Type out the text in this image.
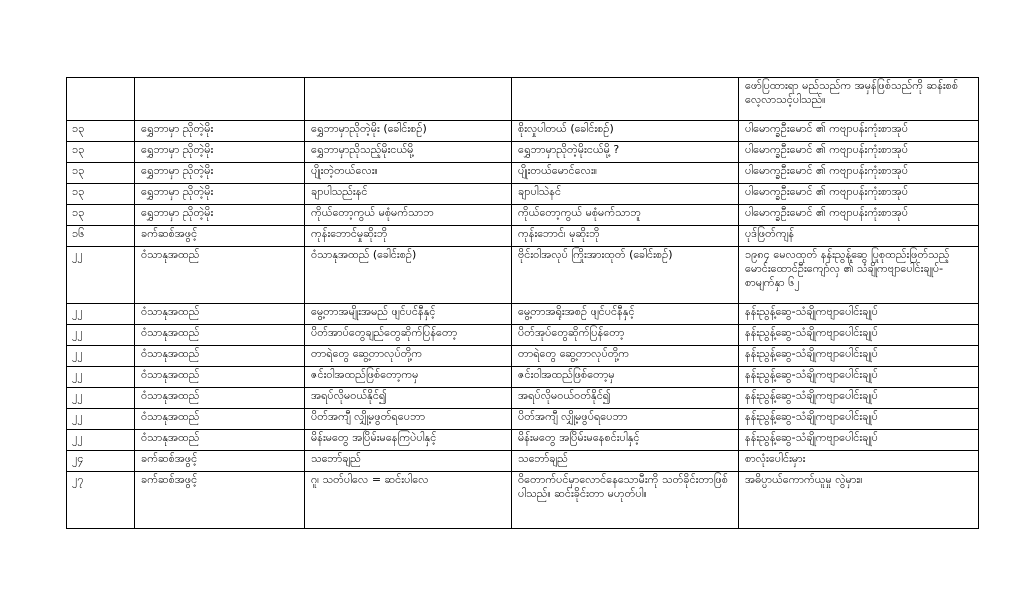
				ဖော်ပြထားရာ မည်သည်က အမှန်ဖြစ်သည်ကို ဆန်းစစ် လေ့လာသင့်ပါသည်။
၁၃	ရွှေဘာမှာ ညိုတဲ့မိုး	ရွှေဘာမှာညိုတဲ့မိုး (ခေါင်းစဉ်)	စိုးလှုပါတယ် (ခေါင်းစဉ်)	ပါမောက္ခဦးမောင် ၏ ကဗျာပန်းကုံးစာအုပ်
၁၃	ရွှေဘာမှာ ညိုတဲ့မိုး	ရွှေဘာမှာညိုသည့်မိုးငယ်မို့	ရွှေဘာမှာညိုတဲ့မိုးငယ်မို့ ?	ပါမောက္ခဦးမောင် ၏ ကဗျာပန်းကုံးစာအုပ်
၁၃	ရွှေဘာမှာ ညိုတဲ့မိုး	ပျိုးတဲ့တယ်လေး။	ပျိုးတယ်မောင်လေး။	ပါမောက္ခဦးမောင် ၏ ကဗျာပန်းကုံးစာအုပ်
၁၃	ရွှေဘာမှာ ညိုတဲ့မိုး	ချာပါသည်းနင်	ချာပါသဲနင်	ပါမောက္ခဦးမောင် ၏ ကဗျာပန်းကုံးစာအုပ်
၁၃	ရွှေဘာမှာ ညိုတဲ့မိုး	ကိုယ်တော့ကွယ် မစုံမက်သာဘ	ကိုယ်တော့ကွယ် မစုံမက်သာဘူ	ပါမောက္ခဦးမောင် ၏ ကဗျာပန်းကုံးစာအုပ်
၁၆	ခက်ဆစ်အဖွင့်	ကုန်းဘောင်မှုဆိုးဘို	ကုန်းဘောင်၊ မုဆိုးဘို	ပုဒ်ဖြတ်ကျန်
၂၂	ဝံသာနုအထည်	ဝံသာနုအထည် (ခေါင်းစဉ်)	ဗိုင်းဝါအလုပ် ကြိုးအားထုတ် (ခေါင်းစဉ်)	၁၉၈၄ မေလထုတ် နန်းညွန့်ဆွေ ပြုစုထည်းဖြတ်သည့် မောင်းထောင်ဦးကျော်လှ ၏ သံချိုကဗျာပေါင်းချုပ်-စာမျက်နှာ ၆၂
၂၂	ဝံသာနုအထည်	မွေ့တာအမျိုးအမည် ဖျင်ပင်နီနှင့်	မွေ့တာအရိုးအစဉ် ဖျင်ပင်နီနှင့်	နန်းညွန့်ဆွေ-သံချိုကဗျာပေါင်းချုပ်
၂၂	ဝံသာနုအထည်	ပိတ်အာပ်တွေချည်တွေဆိုက်ပြန်တော့	ပိတ်အုပ်တွေဆိုက်ပြန်တော့	နန်းညွန့်ဆွေ-သံချိုကဗျာပေါင်းချုပ်
၂၂	ဝံသာနုအထည်	တာရဲတွေ ဆွေ့တာလုပ်တို့က	တာရဲတွေ ဆွေ့တာလုပ်တို့က	နန်းညွန့်ဆွေ-သံချိုကဗျာပေါင်းချုပ်
၂၂	ဝံသာနုအထည်	ဇင်းဝါအထည်ဖြစ်တော့ကမှ	ဇင်းဝါအထည်ဖြစ်တော့မှ	နန်းညွန့်ဆွေ-သံချိုကဗျာပေါင်းချုပ်
၂၂	ဝံသာနုအထည်	အရပ်လိုမဝယ်နိုင်၍	အရပ်လိုမဝယ်ဝတ်နိုင်၍	နန်းညွန့်ဆွေ-သံချိုကဗျာပေါင်းချုပ်
၂၂	ဝံသာနုအထည်	ပိတ်အကျီ လျှို့မဖွတ်ရပေဘာ	ပိတ်အကျီ လျှို့မဖွပ်ရပေဘာ	နန်းညွန့်ဆွေ-သံချိုကဗျာပေါင်းချုပ်
၂၂	ဝံသာနုအထည်	မိန်းမတွေ အပြိမ်းမနေကြပဲပါနှင့်	မိန်းမတွေ အပြိမ်းမနေစင်းပါနှင့်	နန်းညွန့်ဆွေ-သံချိုကဗျာပေါင်းချုပ်
၂၄	ခက်ဆစ်အဖွင့်	သဘော်ချည်	သဘော်ချည်	စာလုံးပေါင်းမှား
၂၇	ခက်ဆစ်အဖွင့်	ဂူ၊ သတ်ပါလေ = ဆင်းပါလေ	ဝိတောက်ပင်မှာလောင်နေသောမီးကို သတ်ခိုင်းတာဖြစ်ပါသည်။ ဆင်းခိုင်းတာ မဟုတ်ပါ။	အဓိပ္ပာယ်ကောက်ယူမှု လွဲမှား။
